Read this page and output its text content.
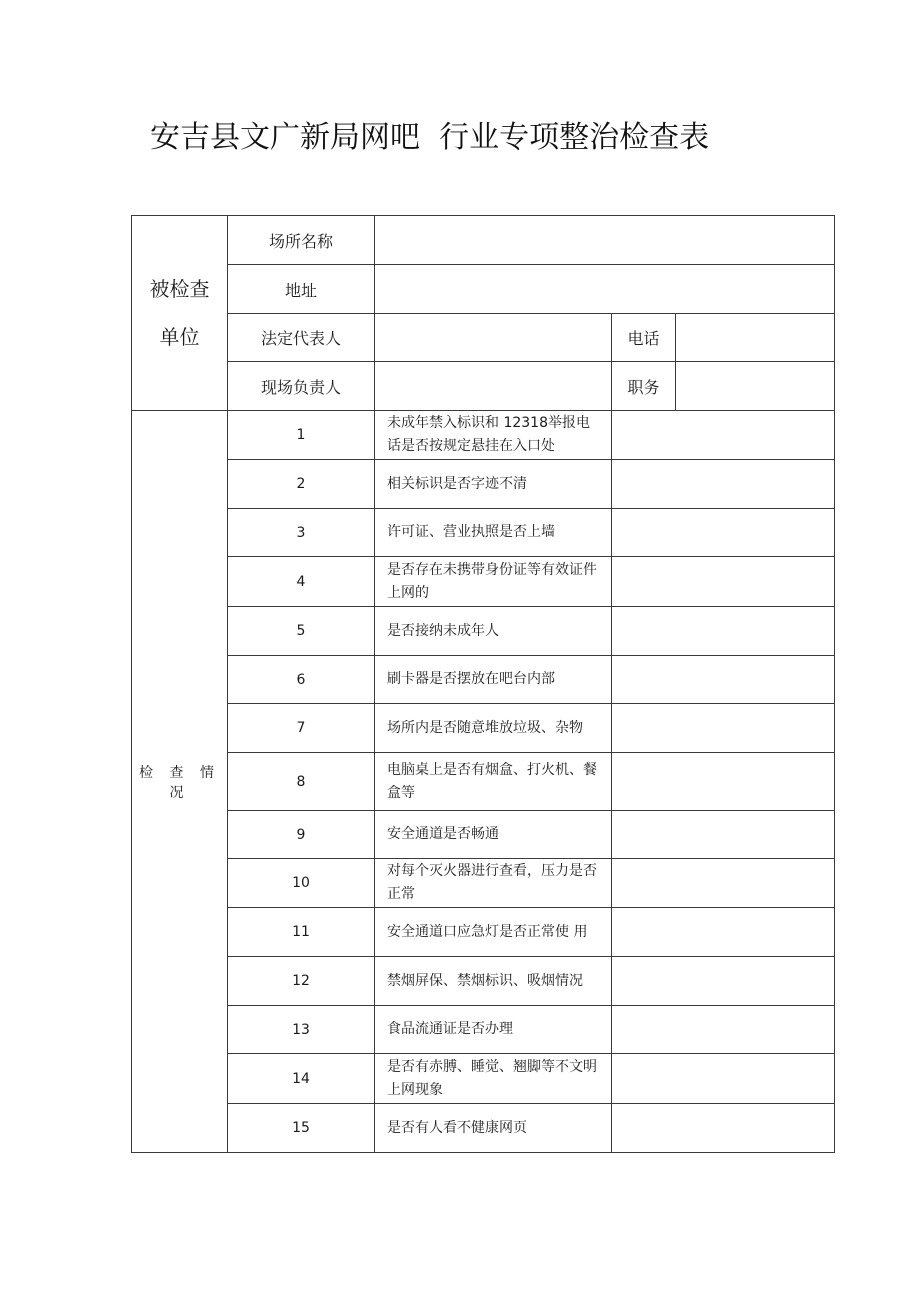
安吉县文广新局网吧  行业专项整治检查表
被检查
单位	场所名称			
	地址			
	法定代表人		电话	
	现场负责人		职务	
检 查 情 况	1	未成年禁入标识和 12318举报电话是否按规定悬挂在入口处		
	2	相关标识是否字迹不清		
	3	许可证、营业执照是否上墙		
	4	是否存在未携带身份证等有效证件上网的		
	5	是否接纳未成年人		
	6	刷卡器是否摆放在吧台内部		
	7	场所内是否随意堆放垃圾、杂物		
	8	电脑桌上是否有烟盒、打火机、餐盒等		
	9	安全通道是否畅通		
	10	对每个灭火器进行查看，压力是否正常		
	11	安全通道口应急灯是否正常使 用		
	12	禁烟屏保、禁烟标识、吸烟情况		
	13	食品流通证是否办理		
	14	是否有赤膊、睡觉、翘脚等不文明上网现象		
	15	是否有人看不健康网页		
